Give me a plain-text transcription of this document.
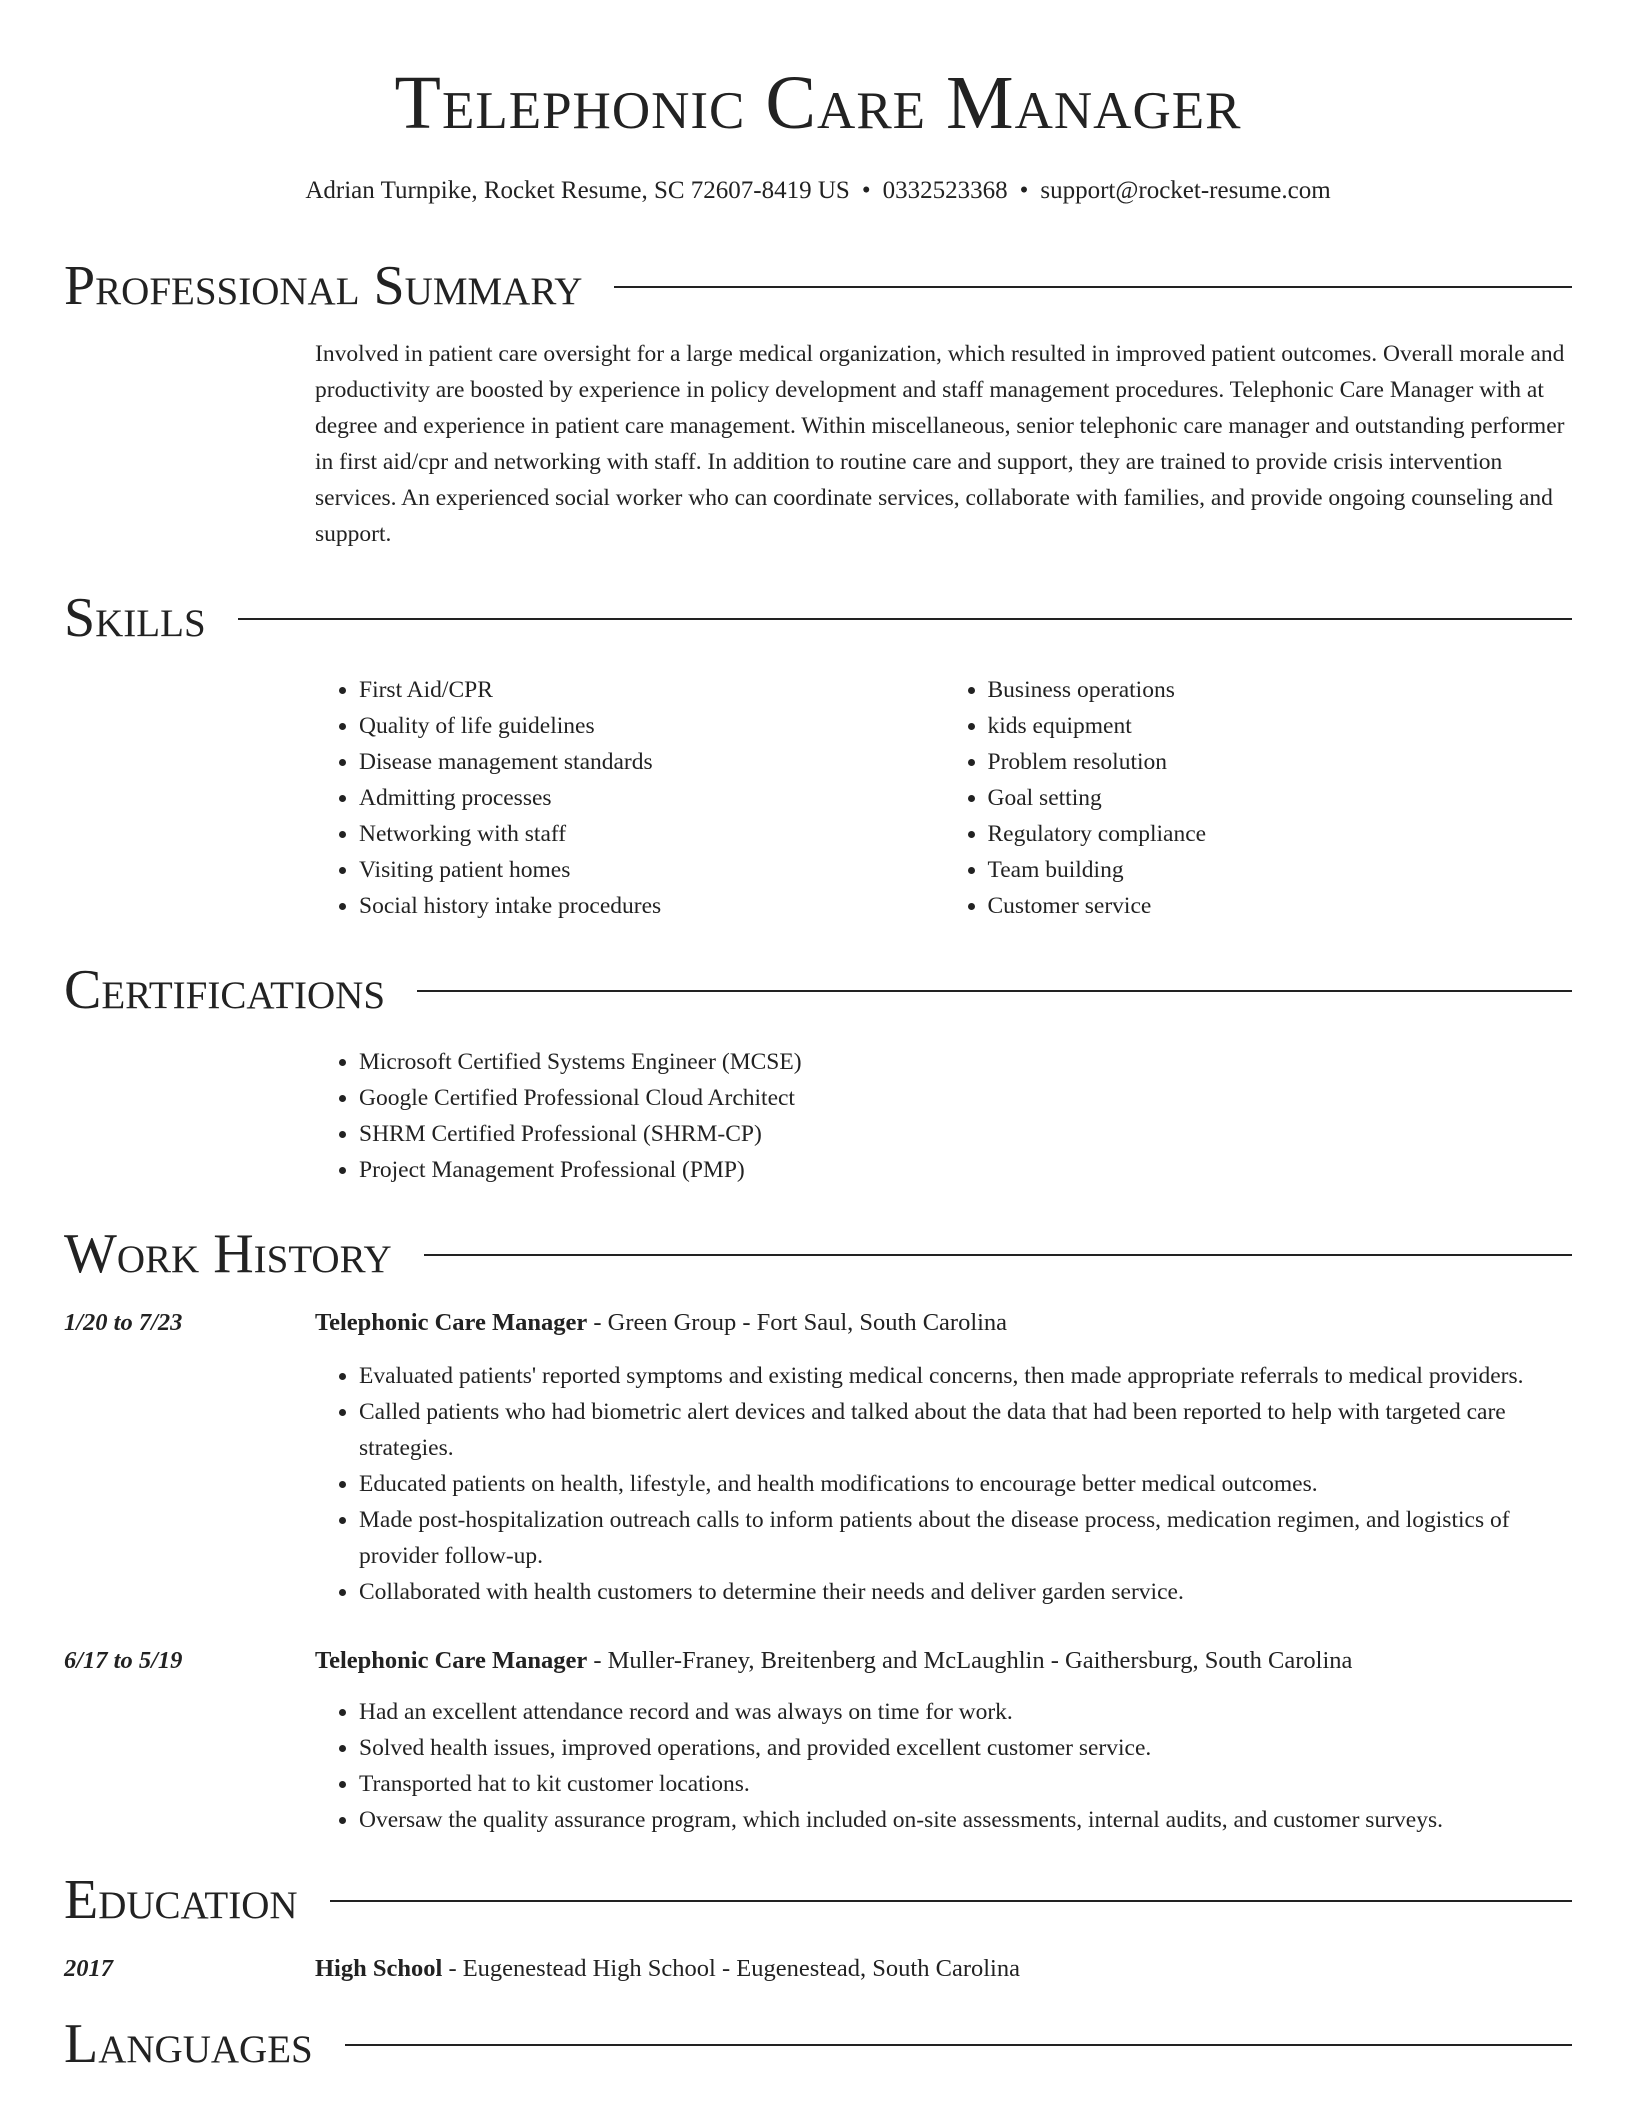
Telephonic Care Manager
Adrian Turnpike, Rocket Resume, SC 72607-8419 US • 0332523368 • support@rocket-resume.com
Professional Summary
Involved in patient care oversight for a large medical organization, which resulted in improved patient outcomes. Overall morale and productivity are boosted by experience in policy development and staff management procedures. Telephonic Care Manager with at degree and experience in patient care management. Within miscellaneous, senior telephonic care manager and outstanding performer in first aid/cpr and networking with staff. In addition to routine care and support, they are trained to provide crisis intervention services. An experienced social worker who can coordinate services, collaborate with families, and provide ongoing counseling and support.
Skills
• First Aid/CPR
• Quality of life guidelines
• Disease management standards
• Admitting processes
• Networking with staff
• Visiting patient homes
• Social history intake procedures
• Business operations
• kids equipment
• Problem resolution
• Goal setting
• Regulatory compliance
• Team building
• Customer service
Certifications
• Microsoft Certified Systems Engineer (MCSE)
• Google Certified Professional Cloud Architect
• SHRM Certified Professional (SHRM-CP)
• Project Management Professional (PMP)
Work History
1/20 to 7/23	Telephonic Care Manager - Green Group - Fort Saul, South Carolina
• Evaluated patients' reported symptoms and existing medical concerns, then made appropriate referrals to medical providers.
• Called patients who had biometric alert devices and talked about the data that had been reported to help with targeted care strategies.
• Educated patients on health, lifestyle, and health modifications to encourage better medical outcomes.
• Made post-hospitalization outreach calls to inform patients about the disease process, medication regimen, and logistics of provider follow-up.
• Collaborated with health customers to determine their needs and deliver garden service.
6/17 to 5/19	Telephonic Care Manager - Muller-Franey, Breitenberg and McLaughlin - Gaithersburg, South Carolina
• Had an excellent attendance record and was always on time for work.
• Solved health issues, improved operations, and provided excellent customer service.
• Transported hat to kit customer locations.
• Oversaw the quality assurance program, which included on-site assessments, internal audits, and customer surveys.
Education
2017	High School - Eugenestead High School - Eugenestead, South Carolina
Languages
